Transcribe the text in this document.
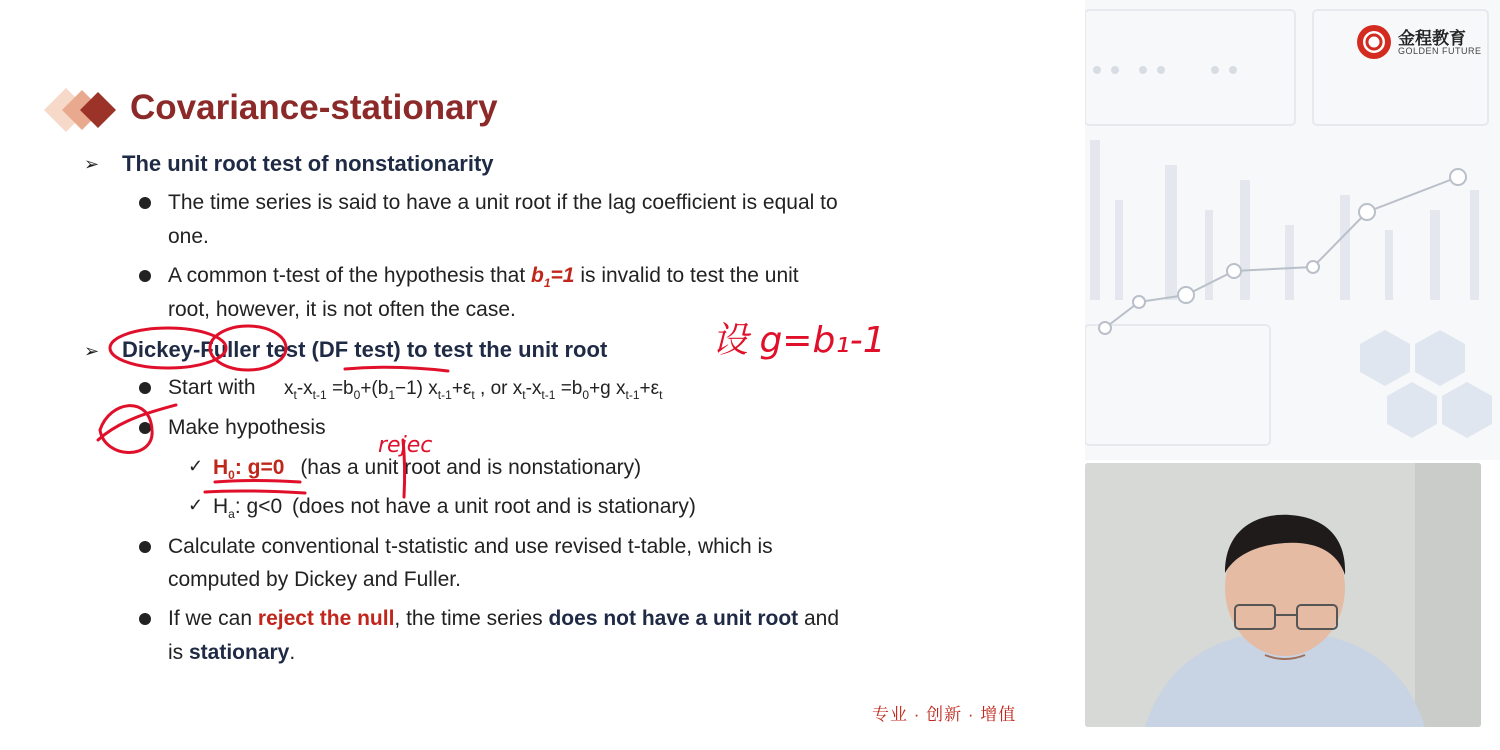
Covariance-stationary
➢ The unit root test of nonstationarity
The time series is said to have a unit root if the lag coefficient is equal to
one.
A common t-test of the hypothesis that $b_1=1$ is invalid to test the unit
root, however, it is not often the case.
➢ Dickey-Fuller test (DF test) to test the unit root
Start with $x_t-x_{t-1} =b_0+(b_1-1)$ $x_{t-1}+\varepsilon_t$ , or $x_t-x_{t-1} =b_0+g$ $x_{t-1}+\varepsilon_t$
Make hypothesis
✓ $H_0$: g=0 (has a unit root and is nonstationary)
✓ $H_a$: g<0 (does not have a unit root and is stationary)
Calculate conventional t-statistic and use revised t-table, which is
computed by Dickey and Fuller.
If we can reject the null, the time series does not have a unit root and
is stationary.
专业 · 创新 · 增值
金程教育
GOLDEN FUTURE
rejec
设 g=b₁-1
